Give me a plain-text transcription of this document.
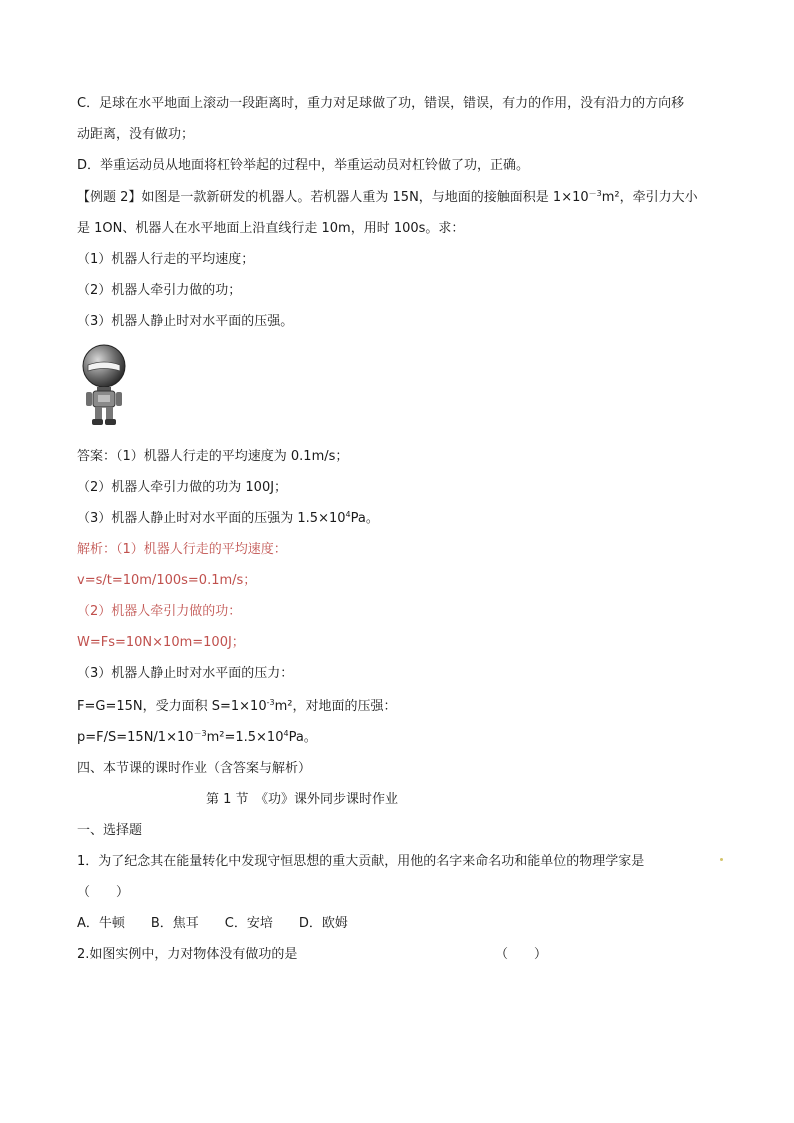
C．足球在水平地面上滚动一段距离时，重力对足球做了功，错误，错误，有力的作用，没有沿力的方向移
动距离，没有做功；
D．举重运动员从地面将杠铃举起的过程中，举重运动员对杠铃做了功，正确。
【例题 2】如图是一款新研发的机器人。若机器人重为 15N，与地面的接触面积是 $1\times 10^{-3}m^2$，牵引力大小
是 1ON、机器人在水平地面上沿直线行走 10m，用时 100s。求：
（1）机器人行走的平均速度；
（2）机器人牵引力做的功；
（3）机器人静止时对水平面的压强。
答案：（1）机器人行走的平均速度为 0.1m/s；
（2）机器人牵引力做的功为 100J；
（3）机器人静止时对水平面的压强为 $1.5\times 10^4Pa$。
解析：（1）机器人行走的平均速度：
v=s/t=10m/100s=0.1m/s；
（2）机器人牵引力做的功：
W=Fs=10N×10m=100J；
（3）机器人静止时对水平面的压力：
F=G=15N，受力面积 $S=1\times 10^{-3}m^2$，对地面的压强：
$p=F/S=15N/1\times 10^{-3}m^2=1.5\times 10^4Pa$。
四、本节课的课时作业（含答案与解析）
第 1 节　《功》课外同步课时作业
一、选择题
1．为了纪念其在能量转化中发现守恒思想的重大贡献，用他的名字来命名功和能单位的物理学家是
（　　）
A．牛顿　　B．焦耳　　C．安培　　D．欧姆
2.如图实例中，力对物体没有做功的是	（　　）
